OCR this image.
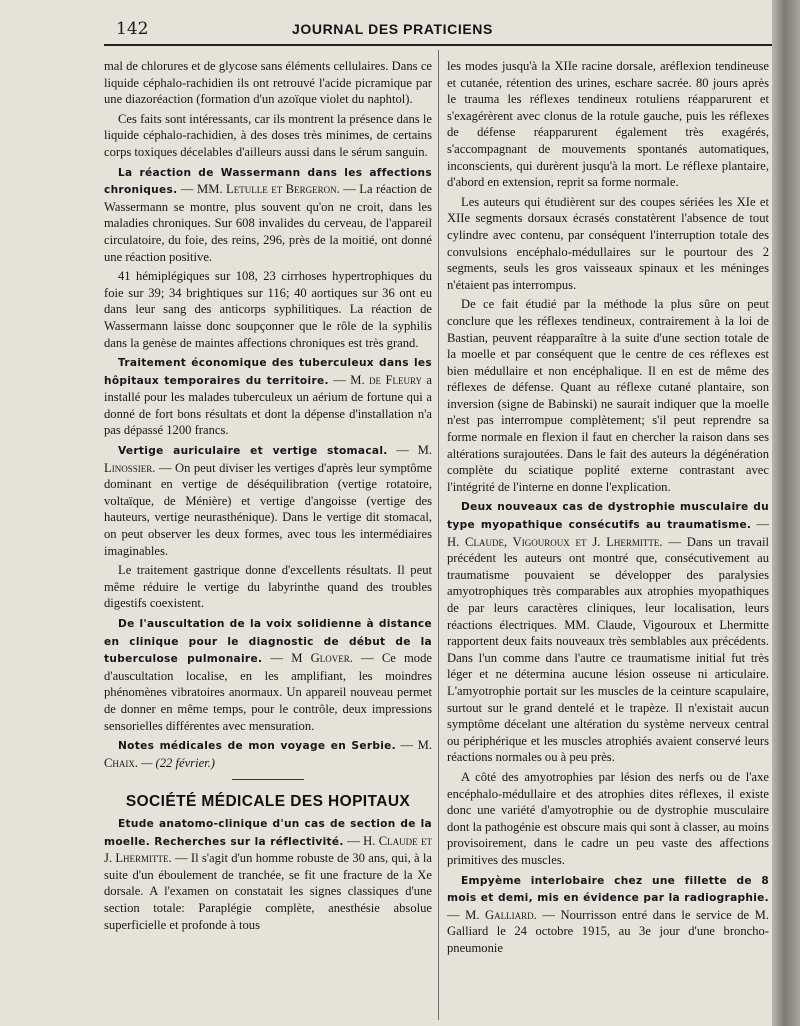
142	JOURNAL DES PRATICIENS

mal de chlorures et de glycose sans éléments cellulaires. Dans ce liquide céphalo-rachidien ils ont retrouvé l'acide picramique par une diazoréaction (formation d'un azoïque violet du naphtol).

Ces faits sont intéressants, car ils montrent la présence dans le liquide céphalo-rachidien, à des doses très minimes, de certains corps toxiques décelables d'ailleurs aussi dans le sérum sanguin.

La réaction de Wassermann dans les affections chroniques. — MM. Letulle et Bergeron. — La réaction de Wassermann se montre, plus souvent qu'on ne croit, dans les maladies chroniques. Sur 608 invalides du cerveau, de l'appareil circulatoire, du foie, des reins, 296, près de la moitié, ont donné une réaction positive.

41 hémiplégiques sur 108, 23 cirrhoses hypertrophiques du foie sur 39; 34 brightiques sur 116; 40 aortiques sur 36 ont eu dans leur sang des anticorps syphilitiques. La réaction de Wassermann laisse donc soupçonner que le rôle de la syphilis dans la genèse de maintes affections chroniques est très grand.

Traitement économique des tuberculeux dans les hôpitaux temporaires du territoire. — M. de Fleury a installé pour les malades tuberculeux un aérium de fortune qui a donné de fort bons résultats et dont la dépense d'installation n'a pas dépassé 1200 francs.

Vertige auriculaire et vertige stomacal. — M. Linossier. — On peut diviser les vertiges d'après leur symptôme dominant en vertige de déséquilibration (vertige rotatoire, voltaïque, de Ménière) et vertige d'angoisse (vertige des hauteurs, vertige neurasthénique). Dans le vertige dit stomacal, on peut observer les deux formes, avec tous les intermédiaires imaginables.

Le traitement gastrique donne d'excellents résultats. Il peut même réduire le vertige du labyrinthe quand des troubles digestifs coexistent.

De l'auscultation de la voix solidienne à distance en clinique pour le diagnostic de début de la tuberculose pulmonaire. — M Glover. — Ce mode d'auscultation localise, en les amplifiant, les moindres phénomènes vibratoires anormaux. Un appareil nouveau permet de donner en même temps, pour le contrôle, deux impressions sensorielles différentes avec mensuration.

Notes médicales de mon voyage en Serbie. — M. Chaix. — (22 février.)

SOCIÉTÉ MÉDICALE DES HOPITAUX

Etude anatomo-clinique d'un cas de section de la moelle. Recherches sur la réflectivité. — H. Claude et J. Lhermitte. — Il s'agit d'un homme robuste de 30 ans, qui, à la suite d'un éboulement de tranchée, se fit une fracture de la Xe dorsale. A l'examen on constatait les signes classiques d'une section totale: Paraplégie complète, anesthésie absolue superficielle et profonde à tous

les modes jusqu'à la XIIe racine dorsale, aréflexion tendineuse et cutanée, rétention des urines, eschare sacrée. 80 jours après le trauma les réflexes tendineux rotuliens réapparurent et s'exagérèrent avec clonus de la rotule gauche, puis les réflexes de défense réapparurent également très exagérés, s'accompagnant de mouvements spontanés automatiques, inconscients, qui durèrent jusqu'à la mort. Le réflexe plantaire, d'abord en extension, reprit sa forme normale.

Les auteurs qui étudièrent sur des coupes sériées les XIe et XIIe segments dorsaux écrasés constatèrent l'absence de tout cylindre avec contenu, par conséquent l'interruption totale des convulsions encéphalo-médullaires sur le pourtour des 2 segments, seuls les gros vaisseaux spinaux et les méninges n'étaient pas interrompus.

De ce fait étudié par la méthode la plus sûre on peut conclure que les réflexes tendineux, contrairement à la loi de Bastian, peuvent réapparaître à la suite d'une section totale de la moelle et par conséquent que le centre de ces réflexes est bien médullaire et non encéphalique. Il en est de même des réflexes de défense. Quant au réflexe cutané plantaire, son inversion (signe de Babinski) ne saurait indiquer que la moelle n'est pas interrompue complètement; s'il peut reprendre sa forme normale en flexion il faut en chercher la raison dans ses altérations surajoutées. Dans le fait des auteurs la dégénération complète du sciatique poplité externe contrastant avec l'intégrité de l'interne en donne l'explication.

Deux nouveaux cas de dystrophie musculaire du type myopathique consécutifs au traumatisme. — H. Claude, Vigouroux et J. Lhermitte. — Dans un travail précédent les auteurs ont montré que, consécutivement au traumatisme pouvaient se développer des paralysies amyotrophiques très comparables aux atrophies myopathiques de par leurs caractères cliniques, leur localisation, leurs réactions électriques. MM. Claude, Vigouroux et Lhermitte rapportent deux faits nouveaux très semblables aux précédents. Dans l'un comme dans l'autre ce traumatisme initial fut très léger et ne détermina aucune lésion osseuse ni articulaire. L'amyotrophie portait sur les muscles de la ceinture scapulaire, surtout sur le grand dentelé et le trapèze. Il n'existait aucun symptôme décelant une altération du système nerveux central ou périphérique et les muscles atrophiés avaient conservé leurs réactions normales ou à peu près.

A côté des amyotrophies par lésion des nerfs ou de l'axe encéphalo-médullaire et des atrophies dites réflexes, il existe donc une variété d'amyotrophie ou de dystrophie musculaire dont la pathogénie est obscure mais qui sont à classer, au moins provisoirement, dans le cadre un peu vaste des affections primitives des muscles.

Empyème interlobaire chez une fillette de 8 mois et demi, mis en évidence par la radiographie. — M. Galliard. — Nourrisson entré dans le service de M. Galliard le 24 octobre 1915, au 3e jour d'une broncho-pneumonie
